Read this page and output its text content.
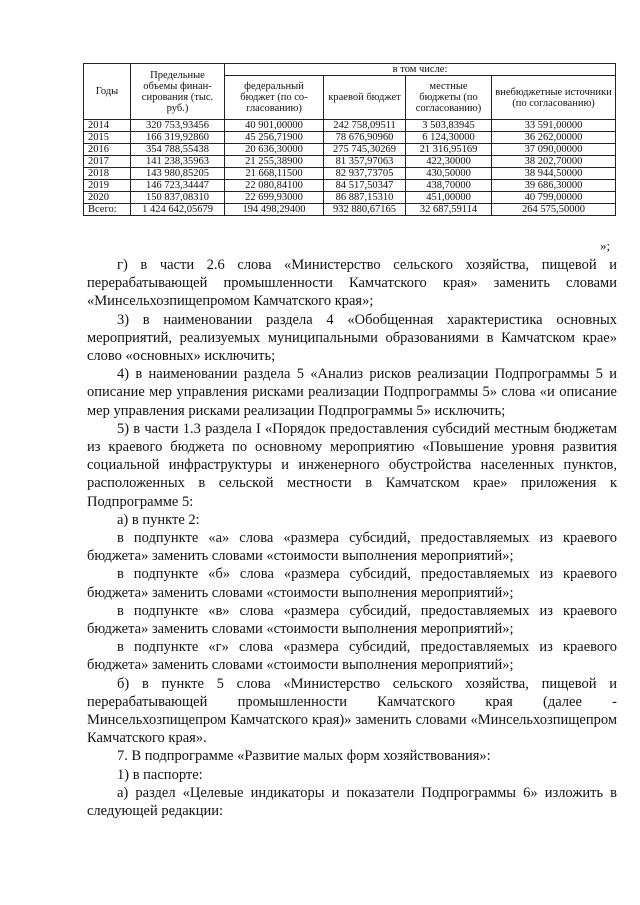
Годы	Предельные объемы финан-сирования (тыс. руб.)	в том числе:			
		федеральный бюджет (по со-гласованию)	краевой бюджет	местные бюджеты (по согласованию)	внебюджетные источники (по согласованию)
2014	320 753,93456	40 901,00000	242 758,09511	3 503,83945	33 591,00000
2015	166 319,92860	45 256,71900	78 676,90960	6 124,30000	36 262,00000
2016	354 788,55438	20 636,30000	275 745,30269	21 316,95169	37 090,00000
2017	141 238,35963	21 255,38900	81 357,97063	422,30000	38 202,70000
2018	143 980,85205	21 668,11500	82 937,73705	430,50000	38 944,50000
2019	146 723,34447	22 080,84100	84 517,50347	438,70000	39 686,30000
2020	150 837,08310	22 699,93000	86 887,15310	451,00000	40 799,00000
Всего:	1 424 642,05679	194 498,29400	932 880,67165	32 687,59114	264 575,50000
»;

г) в части 2.6 слова «Министерство сельского хозяйства, пищевой и перерабатывающей промышленности Камчатского края» заменить словами «Минсельхозпищепромом Камчатского края»;

3) в наименовании раздела 4 «Обобщенная характеристика основных мероприятий, реализуемых муниципальными образованиями в Камчатском крае» слово «основных» исключить;

4) в наименовании раздела 5 «Анализ рисков реализации Подпрограммы 5 и описание мер управления рисками реализации Подпрограммы 5» слова «и описание мер управления рисками реализации Подпрограммы 5» исключить;

5) в части 1.3 раздела I «Порядок предоставления субсидий местным бюджетам из краевого бюджета по основному мероприятию «Повышение уровня развития социальной инфраструктуры и инженерного обустройства населенных пунктов, расположенных в сельской местности в Камчатском крае» приложения к Подпрограмме 5:

а) в пункте 2:

в подпункте «а» слова «размера субсидий, предоставляемых из краевого бюджета» заменить словами «стоимости выполнения мероприятий»;

в подпункте «б» слова «размера субсидий, предоставляемых из краевого бюджета» заменить словами «стоимости выполнения мероприятий»;

в подпункте «в» слова «размера субсидий, предоставляемых из краевого бюджета» заменить словами «стоимости выполнения мероприятий»;

в подпункте «г» слова «размера субсидий, предоставляемых из краевого бюджета» заменить словами «стоимости выполнения мероприятий»;

б) в пункте 5 слова «Министерство сельского хозяйства, пищевой и перерабатывающей промышленности Камчатского края (далее - Минсельхозпищепром Камчатского края)» заменить словами «Минсельхозпищепром Камчатского края».

7. В подпрограмме «Развитие малых форм хозяйствования»:

1) в паспорте:

а) раздел «Целевые индикаторы и показатели Подпрограммы 6» изложить в следующей редакции:
